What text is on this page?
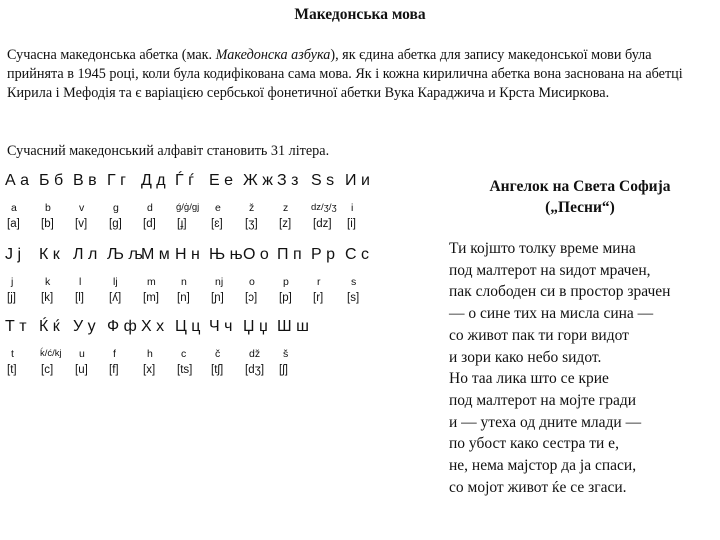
Македонська мова
Сучасна македонська абетка (мак. Македонска азбука), як єдина абетка для запису македонської мови була прийнята в 1945 році, коли була кодифікована сама мова. Як і кожна кирилична абетка вона заснована на абетці Кирила і Мефодія та є варіацією сербської фонетичної абетки Вука Караджича и Крста Мисиркова.
Сучасний македонський алфавіт становить 31 літера.
А а
a
[a]
Б б
b
[b]
В в
v
[v]
Г г
g
[g]
Д д
d
[d]
Ѓ ѓ
ǵ/ģ/gj
[ɟ]
Е е
e
[ɛ]
Ж ж
ž
[ʒ]
З з
z
[z]
Ѕ ѕ
dz/ʒ/ʒ
[dz]
И и
i
[i]
Ј ј
j
[j]
К к
k
[k]
Л л
l
[l]
Љ љ
lj
[ʎ]
М м
m
[m]
Н н
n
[n]
Њ њ
nj
[ɲ]
О о
o
[ɔ]
П п
p
[p]
Р р
r
[r]
С с
s
[s]
Т т
t
[t]
Ќ ќ
ḱ/ć/kj
[c]
У у
u
[u]
Ф ф
f
[f]
Х х
h
[x]
Ц ц
c
[ts]
Ч ч
č
[tʃ]
Џ џ
dž
[dʒ]
Ш ш
š
[ʃ]
Ангелок на Света Софија
(„Песни“)
Ти којшто толку време мина
под малтерот на ѕидот мрачен,
пак слободен си в простор зрачен
— о сине тих на мисла сина —
со живот пак ти гори видот
и зори како небо ѕидот.
Но таа лика што се крие
под малтерот на мојте гради
и — утеха од дните млади —
по убост како сестра ти е,
не, нема мајстор да ја спаси,
со мојот живот ќе се згаси.
